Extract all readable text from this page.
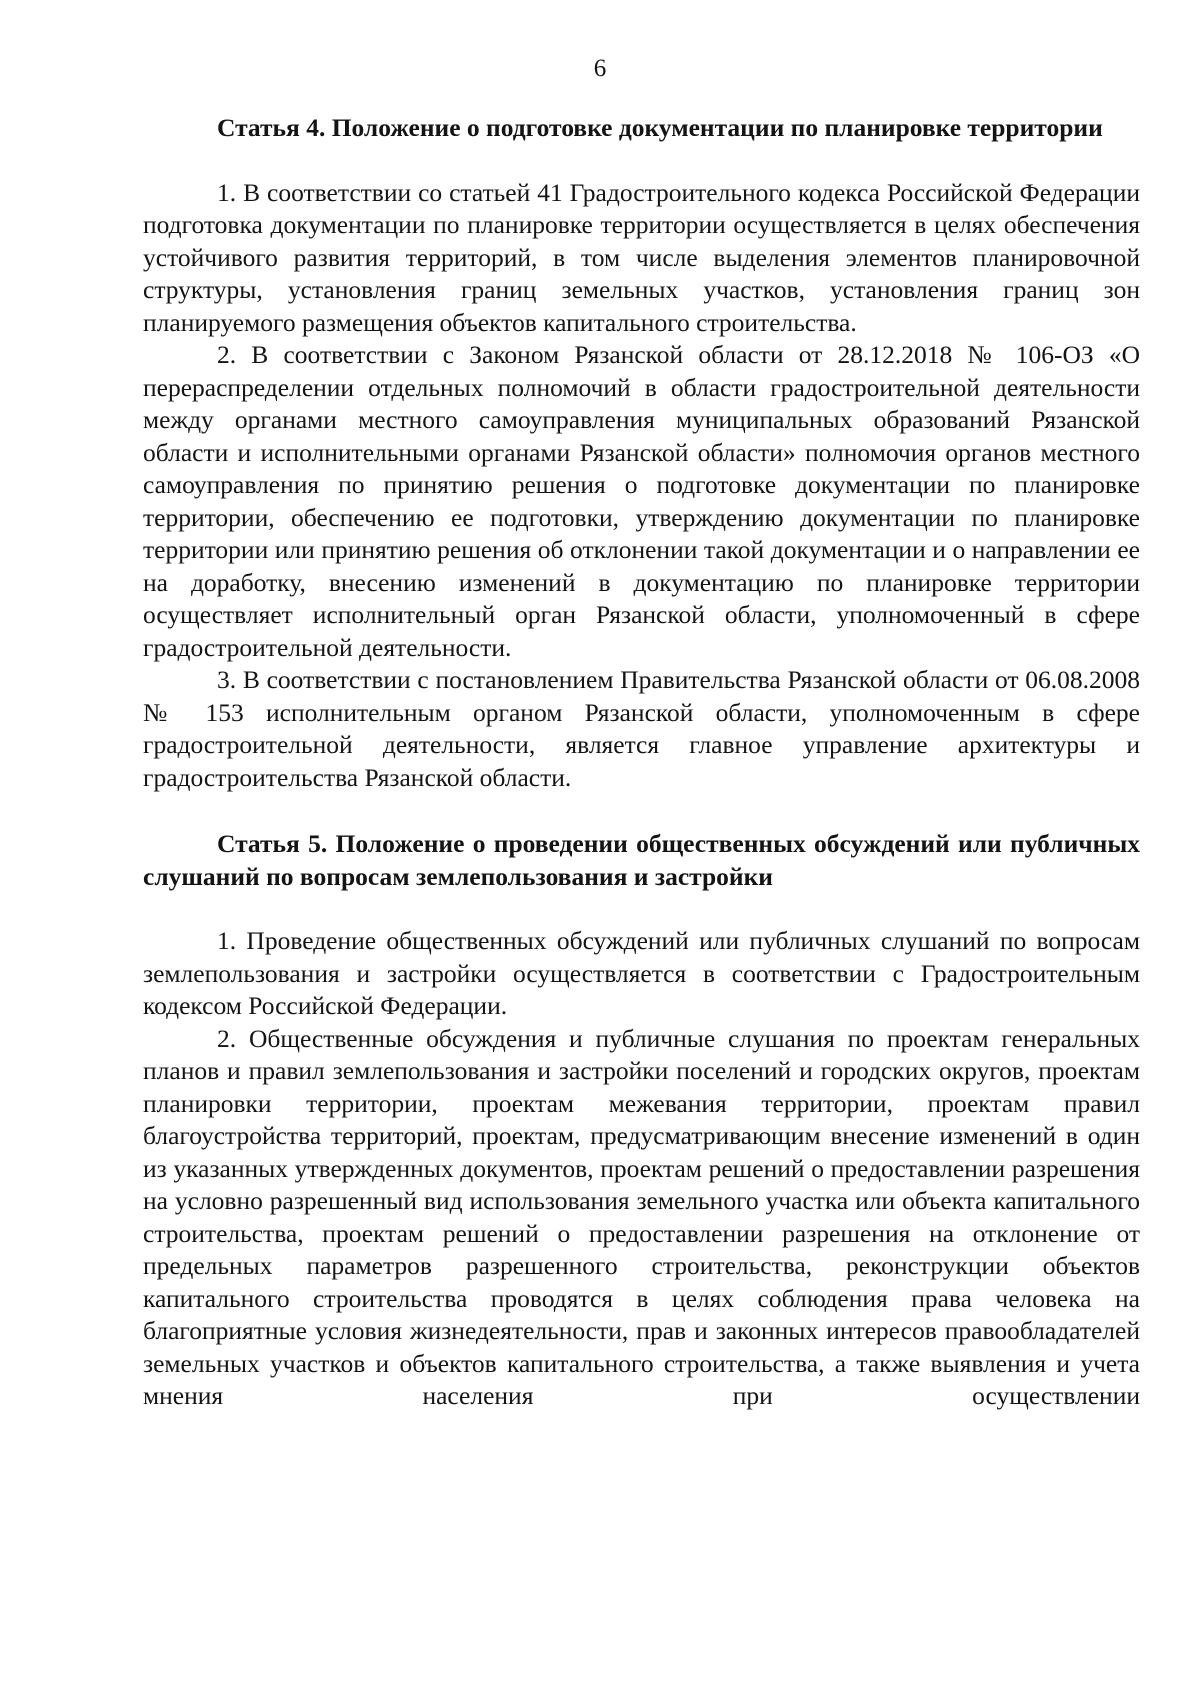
6

Статья 4. Положение о подготовке документации по планировке территории

1. В соответствии со статьей 41 Градостроительного кодекса Российской Федерации подготовка документации по планировке территории осуществляется в целях обеспечения устойчивого развития территорий, в том числе выделения элементов планировочной структуры, установления границ земельных участков, установления границ зон планируемого размещения объектов капитального строительства.

2. В соответствии с Законом Рязанской области от 28.12.2018 № 106-ОЗ «О перераспределении отдельных полномочий в области градостроительной деятельности между органами местного самоуправления муниципальных образований Рязанской области и исполнительными органами Рязанской области» полномочия органов местного самоуправления по принятию решения о подготовке документации по планировке территории, обеспечению ее подготовки, утверждению документации по планировке территории или принятию решения об отклонении такой документации и о направлении ее на доработку, внесению изменений в документацию по планировке территории осуществляет исполнительный орган Рязанской области, уполномоченный в сфере градостроительной деятельности.

3. В соответствии с постановлением Правительства Рязанской области от 06.08.2008 № 153 исполнительным органом Рязанской области, уполномоченным в сфере градостроительной деятельности, является главное управление архитектуры и градостроительства Рязанской области.

Статья 5. Положение о проведении общественных обсуждений или публичных слушаний по вопросам землепользования и застройки

1. Проведение общественных обсуждений или публичных слушаний по вопросам землепользования и застройки осуществляется в соответствии с Градостроительным кодексом Российской Федерации.

2. Общественные обсуждения и публичные слушания по проектам генеральных планов и правил землепользования и застройки поселений и городских округов, проектам планировки территории, проектам межевания территории, проектам правил благоустройства территорий, проектам, предусматривающим внесение изменений в один из указанных утвержденных документов, проектам решений о предоставлении разрешения на условно разрешенный вид использования земельного участка или объекта капитального строительства, проектам решений о предоставлении разрешения на отклонение от предельных параметров разрешенного строительства, реконструкции объектов капитального строительства проводятся в целях соблюдения права человека на благоприятные условия жизнедеятельности, прав и законных интересов правообладателей земельных участков и объектов капитального строительства, а также выявления и учета мнения населения при осуществлении
